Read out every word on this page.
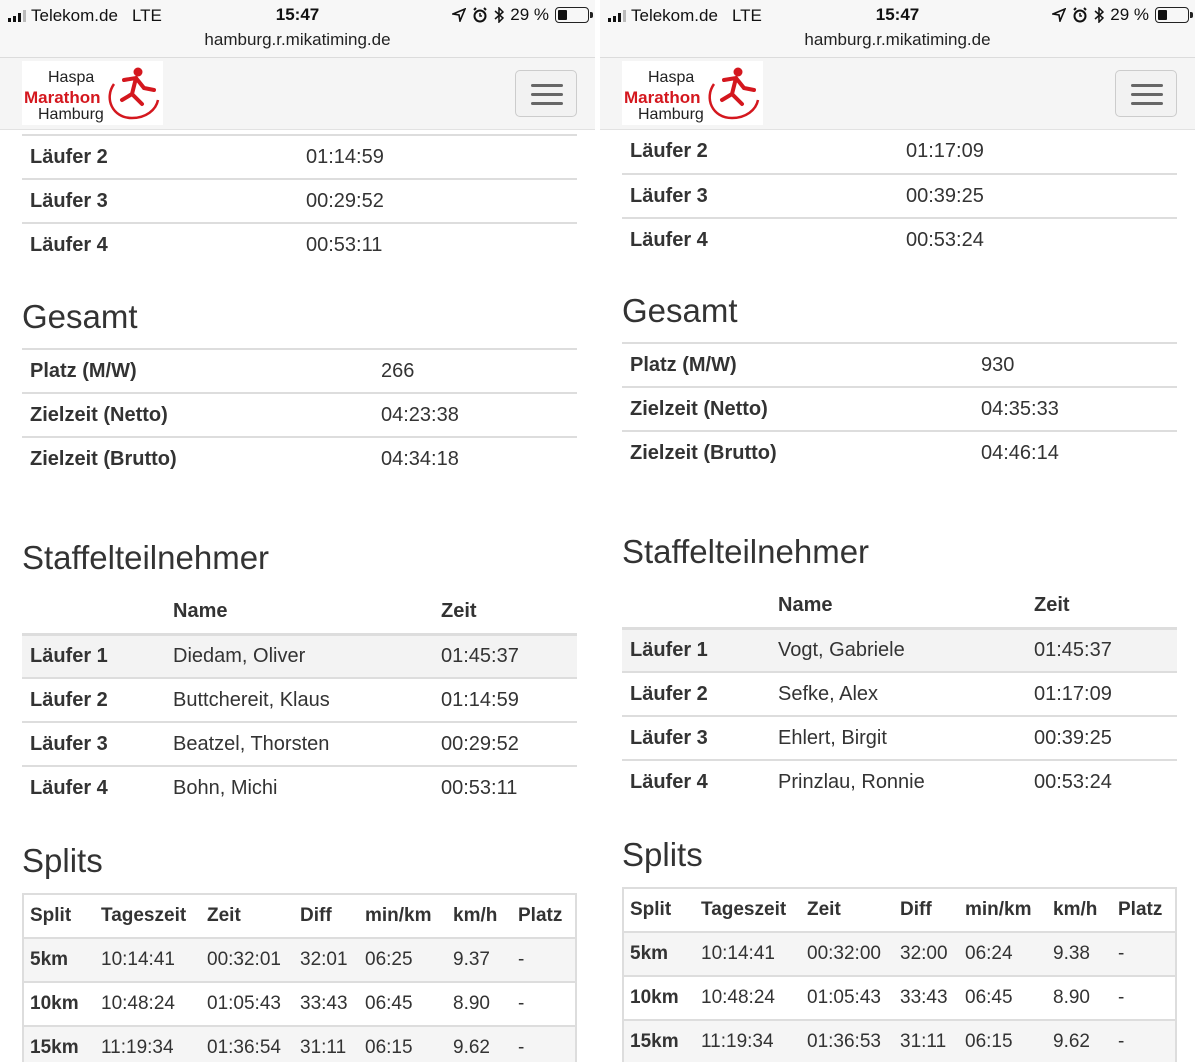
Telekom.de LTE	15:47
hamburg.r.mikatiming.de
29 %
Haspa
Marathon
Hamburg
Läufer 2	01:14:59
Läufer 3	00:29:52
Läufer 4	00:53:11
Gesamt
Platz (M/W)	266
Zielzeit (Netto)	04:23:38
Zielzeit (Brutto)	04:34:18
Staffelteilnehmer
	Name	Zeit
Läufer 1	Diedam, Oliver	01:45:37
Läufer 2	Buttchereit, Klaus	01:14:59
Läufer 3	Beatzel, Thorsten	00:29:52
Läufer 4	Bohn, Michi	00:53:11
Splits
Split	Tageszeit	Zeit	Diff	min/km	km/h	Platz
5km	10:14:41	00:32:01	32:01	06:25	9.37	-
10km	10:48:24	01:05:43	33:43	06:45	8.90	-
15km	11:19:34	01:36:54	31:11	06:15	9.62	-
Telekom.de LTE	15:47
hamburg.r.mikatiming.de
29 %
Haspa
Marathon
Hamburg
Läufer 2	01:17:09
Läufer 3	00:39:25
Läufer 4	00:53:24
Gesamt
Platz (M/W)	930
Zielzeit (Netto)	04:35:33
Zielzeit (Brutto)	04:46:14
Staffelteilnehmer
	Name	Zeit
Läufer 1	Vogt, Gabriele	01:45:37
Läufer 2	Sefke, Alex	01:17:09
Läufer 3	Ehlert, Birgit	00:39:25
Läufer 4	Prinzlau, Ronnie	00:53:24
Splits
Split	Tageszeit	Zeit	Diff	min/km	km/h	Platz
5km	10:14:41	00:32:00	32:00	06:24	9.38	-
10km	10:48:24	01:05:43	33:43	06:45	8.90	-
15km	11:19:34	01:36:53	31:11	06:15	9.62	-
